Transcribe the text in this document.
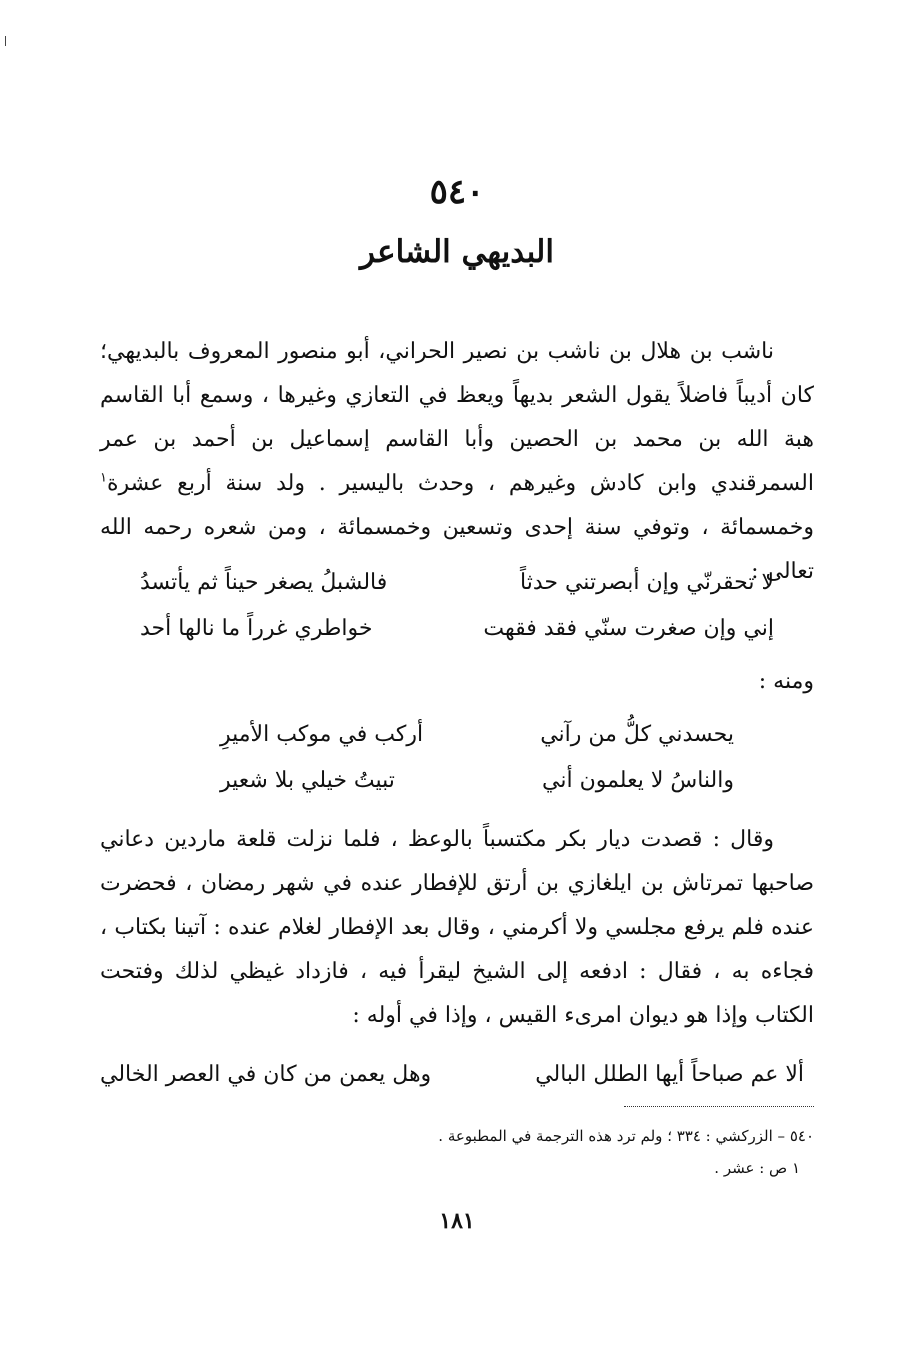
٥٤٠
البديهي الشاعر

ناشب بن هلال بن ناشب بن نصير الحراني، أبو منصور المعروف بالبديهي؛ كان أديباً فاضلاً يقول الشعر بديهاً ويعظ في التعازي وغيرها ، وسمع أبا القاسم هبة الله بن محمد بن الحصين وأبا القاسم إسماعيل بن أحمد بن عمر السمرقندي وابن كادش وغيرهم ، وحدث باليسير . ولد سنة أربع عشرة$^١$ وخمسمائة ، وتوفي سنة إحدى وتسعين وخمسمائة ، ومن شعره رحمه الله تعالى :

لا تحقرنّي وإن أبصرتني حدثاً
فالشبلُ يصغر حيناً ثم يأتسدُ
إني وإن صغرت سنّي فقد فقهت
خواطري غرراً ما نالها أحد

ومنه :

يحسدني كلُّ من رآني
أركب في موكب الأميرِ
والناسُ لا يعلمون أني
تبيتُ خيلي بلا شعير

وقال : قصدت ديار بكر مكتسباً بالوعظ ، فلما نزلت قلعة ماردين دعاني صاحبها تمرتاش بن ايلغازي بن أرتق للإفطار عنده في شهر رمضان ، فحضرت عنده فلم يرفع مجلسي ولا أكرمني ، وقال بعد الإفطار لغلام عنده : آتينا بكتاب ، فجاءه به ، فقال : ادفعه إلى الشيخ ليقرأ فيه ، فازداد غيظي لذلك وفتحت الكتاب وإذا هو ديوان امرىء القيس ، وإذا في أوله :

ألا عم صباحاً أيها الطلل البالي
وهل يعمن من كان في العصر الخالي

٥٤٠ – الزركشي : ٣٣٤ ؛ ولم ترد هذه الترجمة في المطبوعة .

١ ص : عشر .

١٨١
